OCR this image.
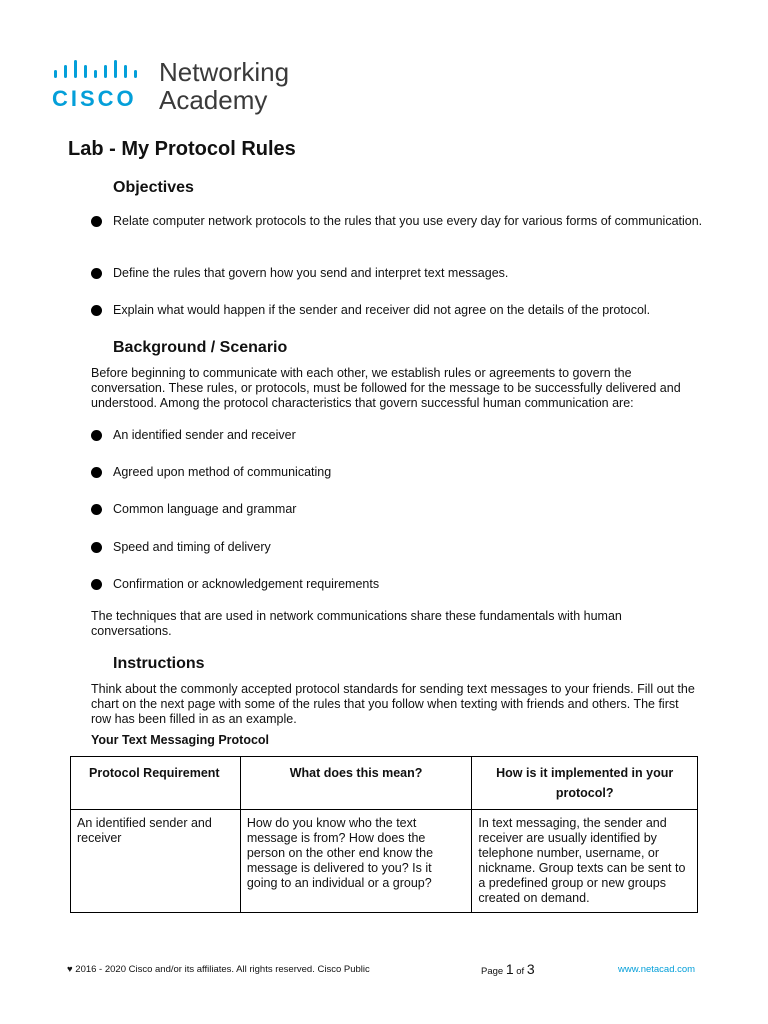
CISCO
Networking
Academy
Lab - My Protocol Rules
Objectives
Relate computer network protocols to the rules that you use every day for various forms of communication.
Define the rules that govern how you send and interpret text messages.
Explain what would happen if the sender and receiver did not agree on the details of the protocol.
Background / Scenario
Before beginning to communicate with each other, we establish rules or agreements to govern the conversation. These rules, or protocols, must be followed for the message to be successfully delivered and understood. Among the protocol characteristics that govern successful human communication are:
An identified sender and receiver
Agreed upon method of communicating
Common language and grammar
Speed and timing of delivery
Confirmation or acknowledgement requirements
The techniques that are used in network communications share these fundamentals with human conversations.
Instructions
Think about the commonly accepted protocol standards for sending text messages to your friends. Fill out the chart on the next page with some of the rules that you follow when texting with friends and others. The first row has been filled in as an example.
Your Text Messaging Protocol
Protocol Requirement	What does this mean?	How is it implemented in your protocol?
An identified sender and receiver	How do you know who the text message is from? How does the person on the other end know the message is delivered to you? Is it going to an individual or a group?	In text messaging, the sender and receiver are usually identified by telephone number, username, or nickname. Group texts can be sent to a predefined group or new groups created on demand.
♥ 2016 - 2020 Cisco and/or its affiliates. All rights reserved. Cisco Public	Page 1 of 3	www.netacad.com
